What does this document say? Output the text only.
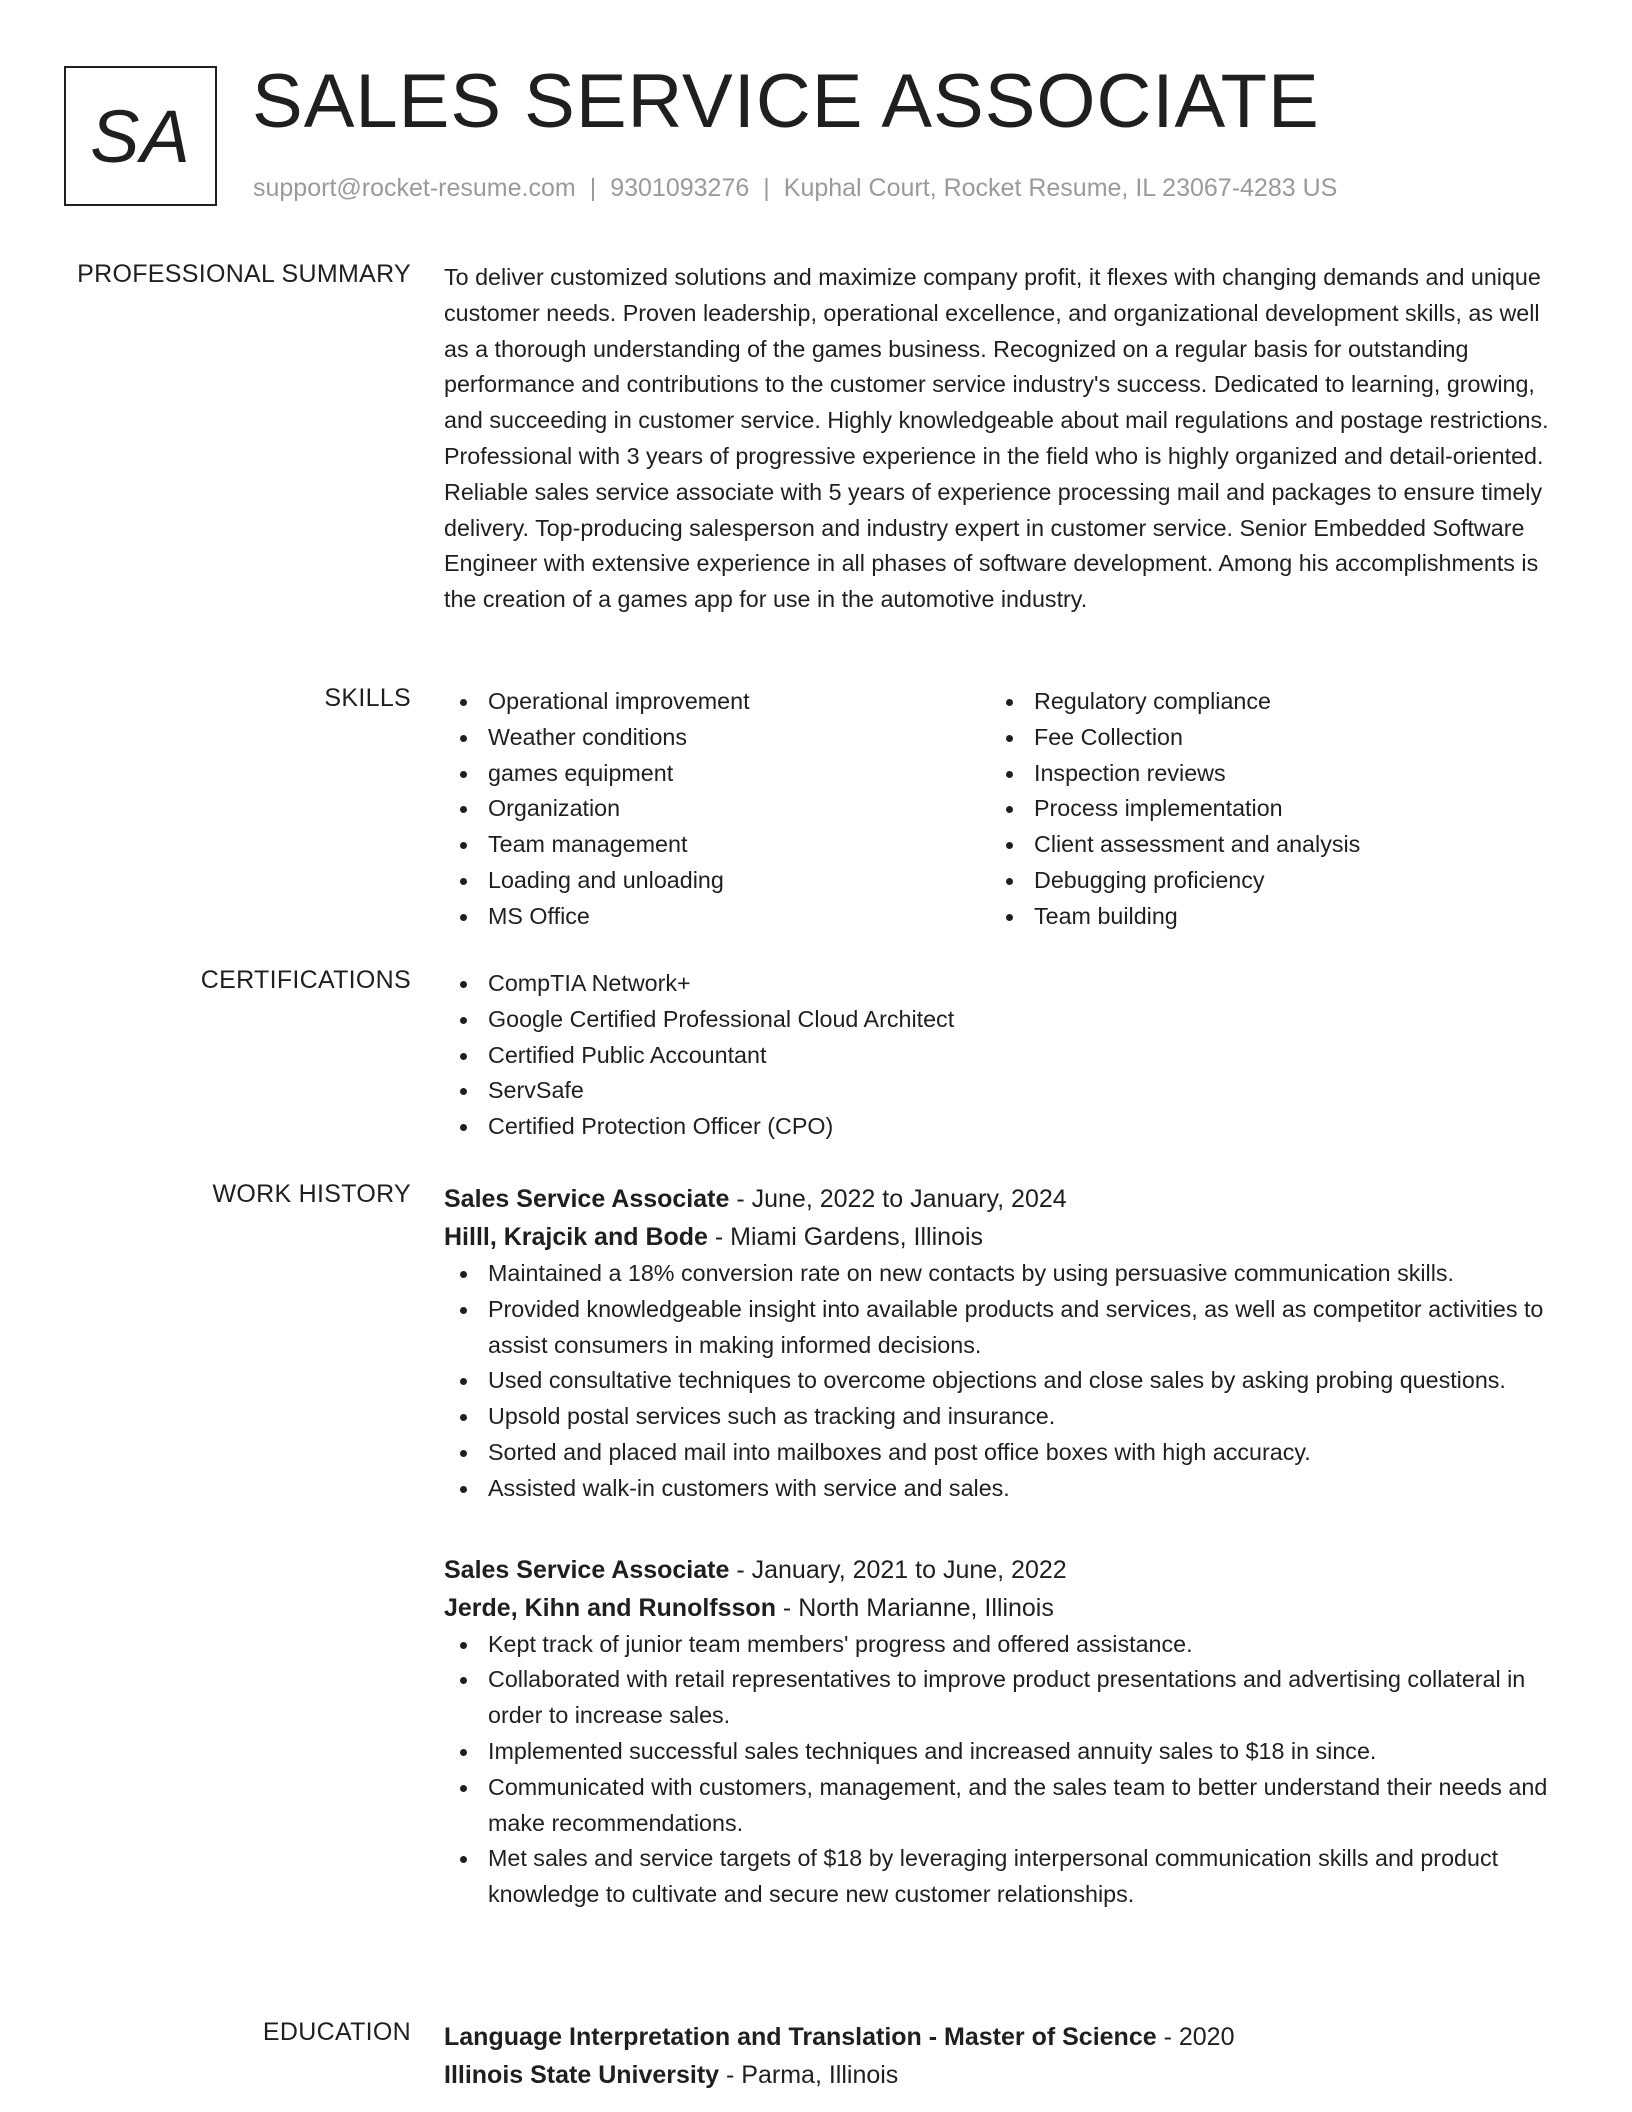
SA SALES SERVICE ASSOCIATE
support@rocket-resume.com | 9301093276 | Kuphal Court, Rocket Resume, IL 23067-4283 US
PROFESSIONAL SUMMARY To deliver customized solutions and maximize company profit, it flexes with changing demands and unique customer needs. Proven leadership, operational excellence, and organizational development skills, as well as a thorough understanding of the games business. Recognized on a regular basis for outstanding performance and contributions to the customer service industry's success. Dedicated to learning, growing, and succeeding in customer service. Highly knowledgeable about mail regulations and postage restrictions. Professional with 3 years of progressive experience in the field who is highly organized and detail-oriented. Reliable sales service associate with 5 years of experience processing mail and packages to ensure timely delivery. Top-producing salesperson and industry expert in customer service. Senior Embedded Software Engineer with extensive experience in all phases of software development. Among his accomplishments is the creation of a games app for use in the automotive industry.

SKILLS	Operational improvement
Weather conditions
games equipment
Organization
Team management
Loading and unloading
MS Office
Regulatory compliance
Fee Collection
Inspection reviews
Process implementation
Client assessment and analysis
Debugging proficiency
Team building
CERTIFICATIONS	CompTIA Network+
Google Certified Professional Cloud Architect
Certified Public Accountant
ServSafe
Certified Protection Officer (CPO)
WORK HISTORY Sales Service Associate - June, 2022 to January, 2024
Hilll, Krajcik and Bode - Miami Gardens, Illinois
Maintained a 18% conversion rate on new contacts by using persuasive communication skills.
Provided knowledgeable insight into available products and services, as well as competitor activities to assist consumers in making informed decisions.
Used consultative techniques to overcome objections and close sales by asking probing questions.
Upsold postal services such as tracking and insurance.
Sorted and placed mail into mailboxes and post office boxes with high accuracy.
Assisted walk-in customers with service and sales.
Sales Service Associate - January, 2021 to June, 2022
Jerde, Kihn and Runolfsson - North Marianne, Illinois
Kept track of junior team members' progress and offered assistance.
Collaborated with retail representatives to improve product presentations and advertising collateral in order to increase sales.
Implemented successful sales techniques and increased annuity sales to $18 in since.
Communicated with customers, management, and the sales team to better understand their needs and make recommendations.
Met sales and service targets of $18 by leveraging interpersonal communication skills and product knowledge to cultivate and secure new customer relationships.
EDUCATION Language Interpretation and Translation - Master of Science - 2020
Illinois State University - Parma, Illinois
